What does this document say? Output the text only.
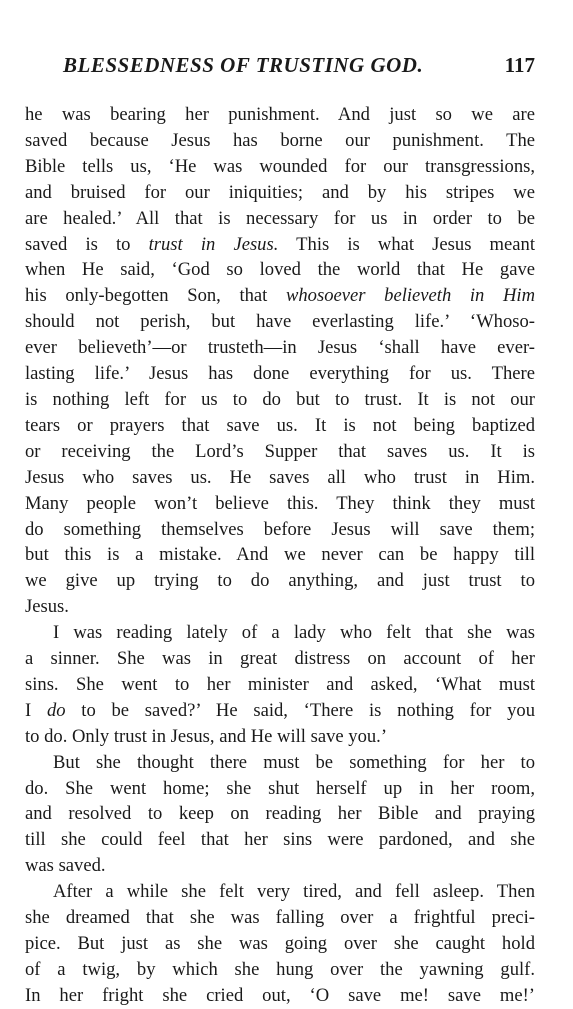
BLESSEDNESS OF TRUSTING GOD.	117
he was bearing her punishment. And just so we are
saved because Jesus has borne our punishment. The
Bible tells us, ‘He was wounded for our transgressions,
and bruised for our iniquities; and by his stripes we
are healed.’ All that is necessary for us in order to be
saved is to trust in Jesus. This is what Jesus meant
when He said, ‘God so loved the world that He gave
his only-begotten Son, that whosoever believeth in Him
should not perish, but have everlasting life.’ ‘Whoso-
ever believeth’—or trusteth—in Jesus ‘shall have ever-
lasting life.’ Jesus has done everything for us. There
is nothing left for us to do but to trust. It is not our
tears or prayers that save us. It is not being baptized
or receiving the Lord’s Supper that saves us. It is
Jesus who saves us. He saves all who trust in Him.
Many people won’t believe this. They think they must
do something themselves before Jesus will save them;
but this is a mistake. And we never can be happy till
we give up trying to do anything, and just trust to
Jesus.
I was reading lately of a lady who felt that she was
a sinner. She was in great distress on account of her
sins. She went to her minister and asked, ‘What must
I do to be saved?’ He said, ‘There is nothing for you
to do. Only trust in Jesus, and He will save you.’
But she thought there must be something for her to
do. She went home; she shut herself up in her room,
and resolved to keep on reading her Bible and praying
till she could feel that her sins were pardoned, and she
was saved.
After a while she felt very tired, and fell asleep. Then
she dreamed that she was falling over a frightful preci-
pice. But just as she was going over she caught hold
of a twig, by which she hung over the yawning gulf.
In her fright she cried out, ‘O save me! save me!’
